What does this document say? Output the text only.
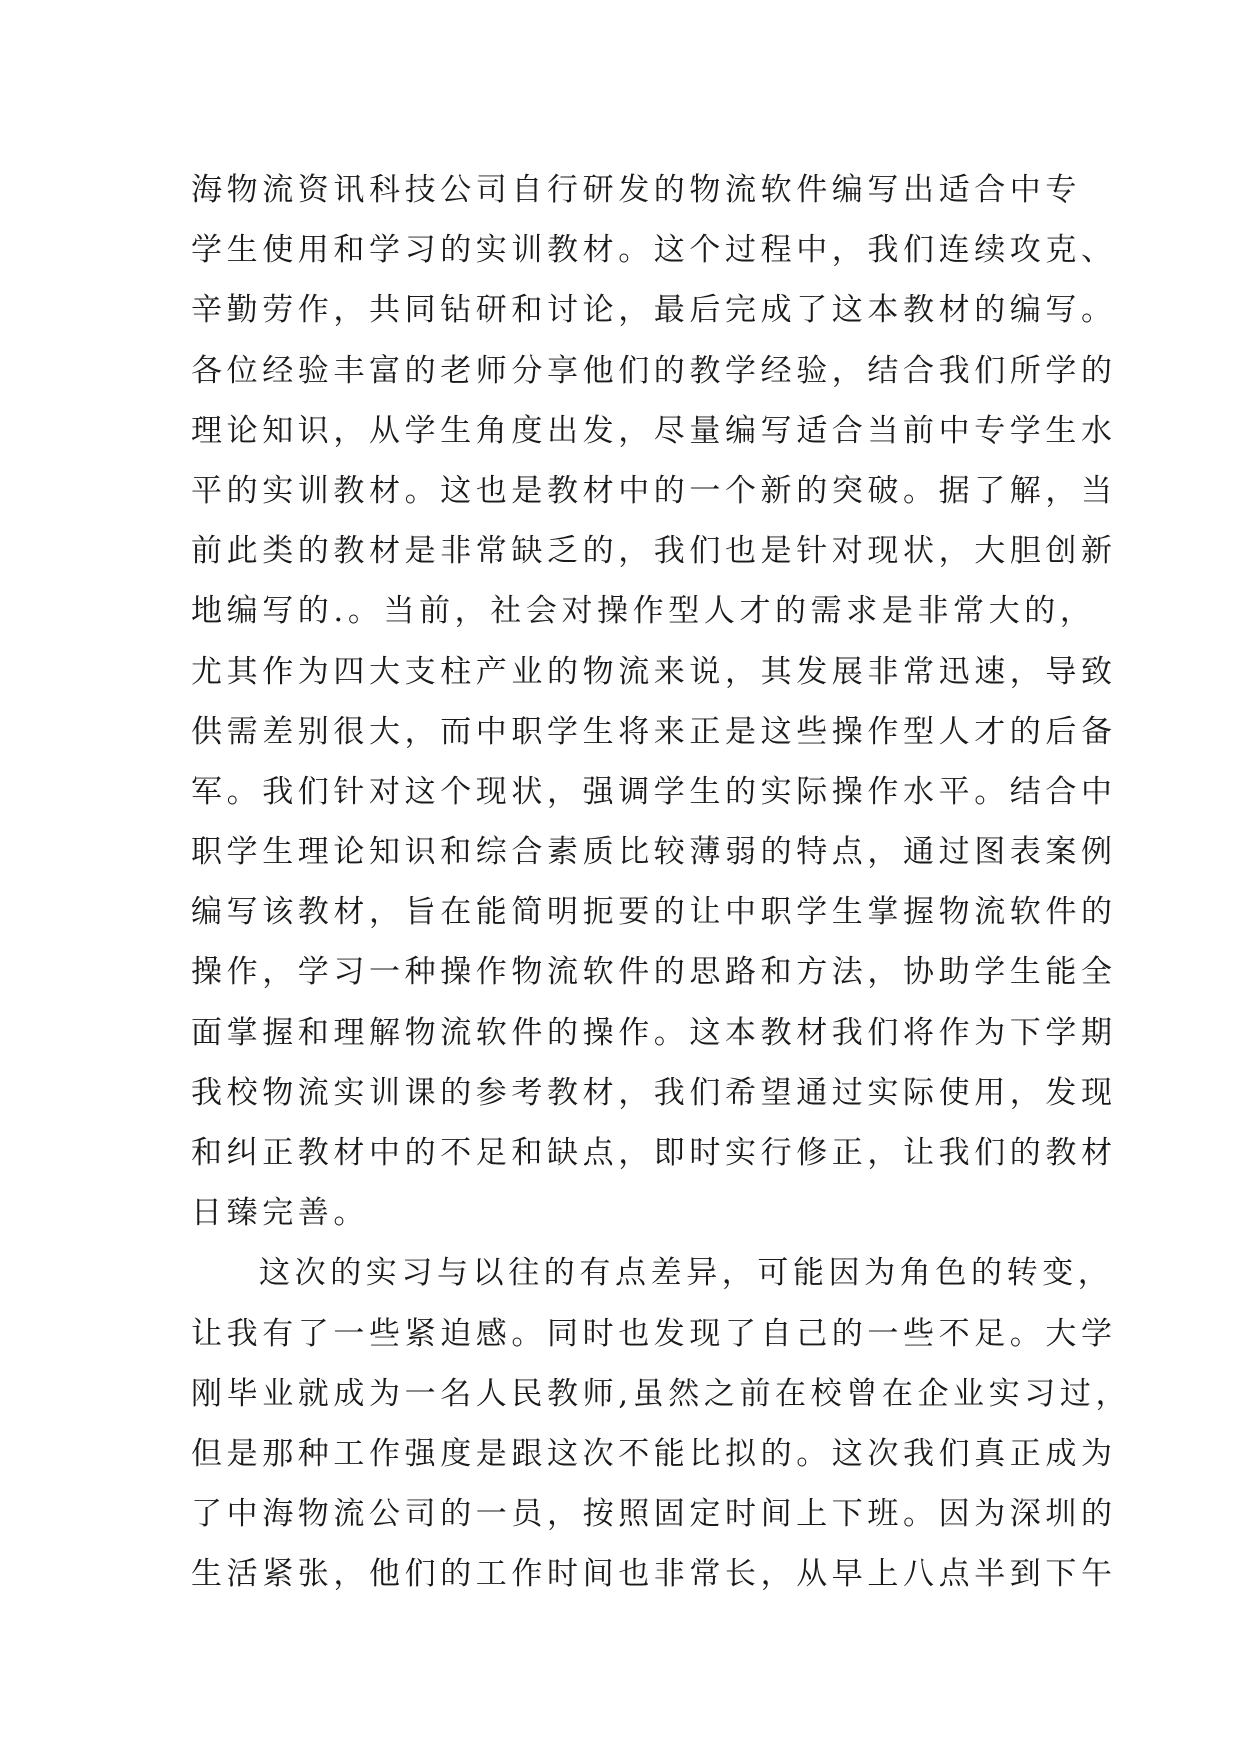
海物流资讯科技公司自行研发的物流软件编写出适合中专
学生使用和学习的实训教材。这个过程中，我们连续攻克、
辛勤劳作，共同钻研和讨论，最后完成了这本教材的编写。
各位经验丰富的老师分享他们的教学经验，结合我们所学的
理论知识，从学生角度出发，尽量编写适合当前中专学生水
平的实训教材。这也是教材中的一个新的突破。据了解，当
前此类的教材是非常缺乏的，我们也是针对现状，大胆创新
地编写的.。当前，社会对操作型人才的需求是非常大的，
尤其作为四大支柱产业的物流来说，其发展非常迅速，导致
供需差别很大，而中职学生将来正是这些操作型人才的后备
军。我们针对这个现状，强调学生的实际操作水平。结合中
职学生理论知识和综合素质比较薄弱的特点，通过图表案例
编写该教材，旨在能简明扼要的让中职学生掌握物流软件的
操作，学习一种操作物流软件的思路和方法，协助学生能全
面掌握和理解物流软件的操作。这本教材我们将作为下学期
我校物流实训课的参考教材，我们希望通过实际使用，发现
和纠正教材中的不足和缺点，即时实行修正，让我们的教材
日臻完善。
这次的实习与以往的有点差异，可能因为角色的转变，
让我有了一些紧迫感。同时也发现了自己的一些不足。大学
刚毕业就成为一名人民教师,虽然之前在校曾在企业实习过，
但是那种工作强度是跟这次不能比拟的。这次我们真正成为
了中海物流公司的一员，按照固定时间上下班。因为深圳的
生活紧张，他们的工作时间也非常长，从早上八点半到下午
